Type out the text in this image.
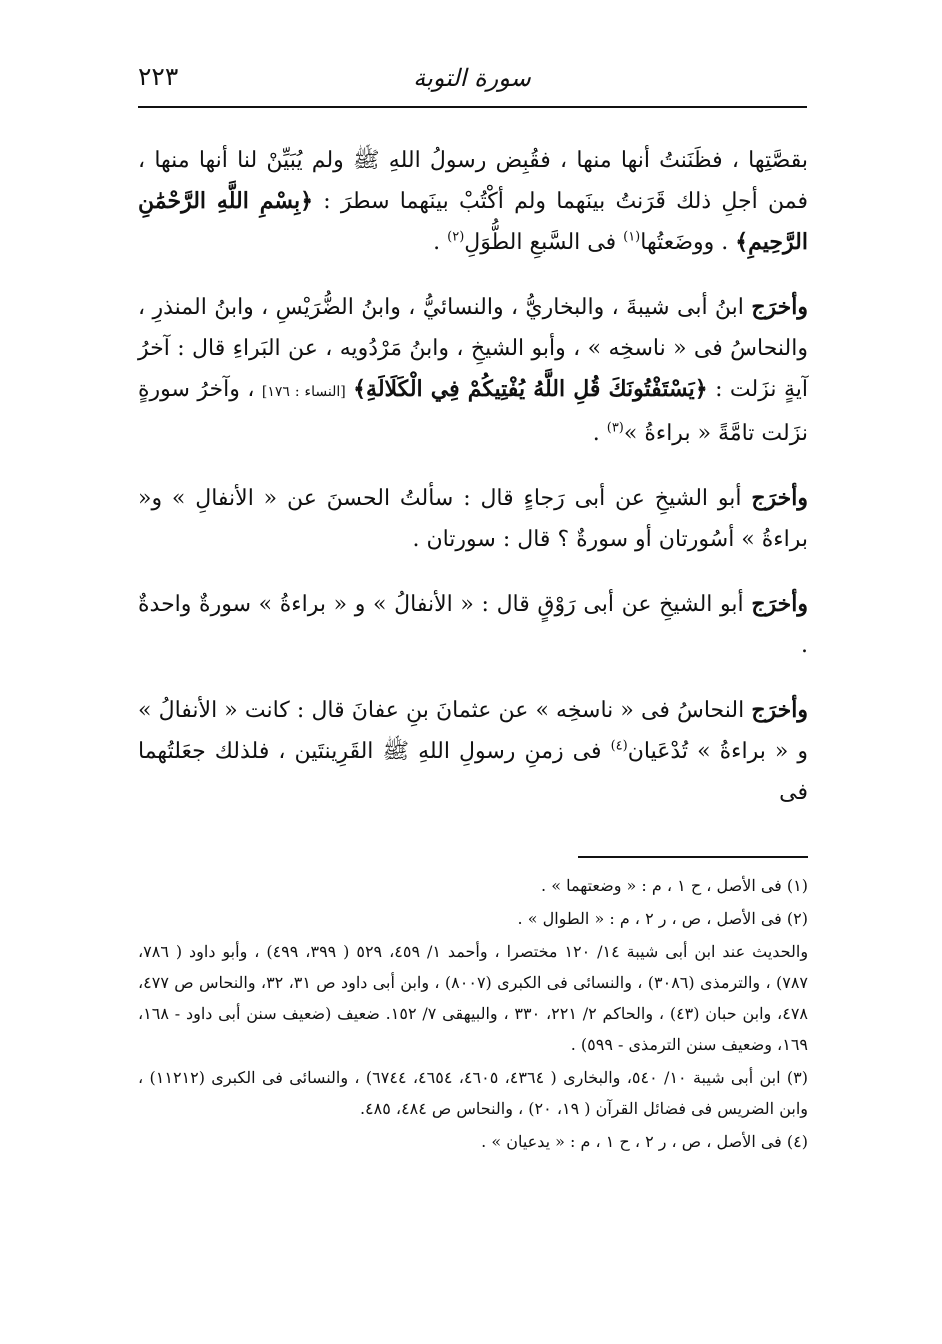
سورة التوبة
٢٢٣

بقصَّتِها ، فظَنَنتُ أنها منها ، فقُبِض رسولُ اللهِ ﷺ ولم يُبَيِّنْ لنا أنها منها ، فمن أجلِ ذلك قَرَنتُ بينَهما ولم أكْتُبْ بينَهما سطرَ : ﴿بِسْمِ اللَّهِ الرَّحْمَٰنِ الرَّحِيمِ﴾ . ووضَعتُها$^{(١)}$ فى السَّبعِ الطُّوَلِ$^{(٢)}$ .

وأخرَج ابنُ أبى شيبةَ ، والبخاريُّ ، والنسائيُّ ، وابنُ الضُّرَيْسِ ، وابنُ المنذرِ ، والنحاسُ فى « ناسخِه » ، وأبو الشيخِ ، وابنُ مَرْدُويه ، عن البَراءِ قال : آخرُ آيةٍ نزَلت : ﴿يَسْتَفْتُونَكَ قُلِ اللَّهُ يُفْتِيكُمْ فِي الْكَلَالَةِ﴾ [النساء : ١٧٦] ، وآخرُ سورةٍ نزَلت تامَّةً « براءةُ »$^{(٣)}$ .

وأخرَج أبو الشيخِ عن أبى رَجاءٍ قال : سألتُ الحسنَ عن « الأنفالِ » و« براءةُ » أسُورتان أو سورةٌ ؟ قال : سورتان .

وأخرَج أبو الشيخِ عن أبى رَوْقٍ قال : « الأنفالُ » و « براءةُ » سورةٌ واحدةٌ .

وأخرَج النحاسُ فى « ناسخِه » عن عثمانَ بنِ عفانَ قال : كانت « الأنفالُ » و « براءةُ » تُدْعَيان$^{(٤)}$ فى زمنِ رسولِ اللهِ ﷺ القَرِينتَين ، فلذلك جعَلتُهما فى

(١) فى الأصل ، ح ١ ، م : « وضعتهما » .

(٢) فى الأصل ، ص ، ر ٢ ، م : « الطوال » .

والحديث عند ابن أبى شيبة ١٤/ ١٢٠ مختصرا ، وأحمد ١/ ٤٥٩، ٥٢٩ ( ٣٩٩، ٤٩٩) ، وأبو داود ( ٧٨٦، ٧٨٧) ، والترمذى (٣٠٨٦) ، والنسائى فى الكبرى (٨٠٠٧) ، وابن أبى داود ص ٣١، ٣٢، والنحاس ص ٤٧٧، ٤٧٨، وابن حبان (٤٣) ، والحاكم ٢/ ٢٢١، ٣٣٠ ، والبيهقى ٧/ ١٥٢. ضعيف (ضعيف سنن أبى داود - ١٦٨، ١٦٩، وضعيف سنن الترمذى - ٥٩٩) .

(٣) ابن أبى شيبة ١٠/ ٥٤٠، والبخارى ( ٤٣٦٤، ٤٦٠٥، ٤٦٥٤، ٦٧٤٤) ، والنسائى فى الكبرى (١١٢١٢) ، وابن الضريس فى فضائل القرآن ( ١٩، ٢٠) ، والنحاس ص ٤٨٤، ٤٨٥.

(٤) فى الأصل ، ص ، ر ٢ ، ح ١ ، م : « يدعيان » .
